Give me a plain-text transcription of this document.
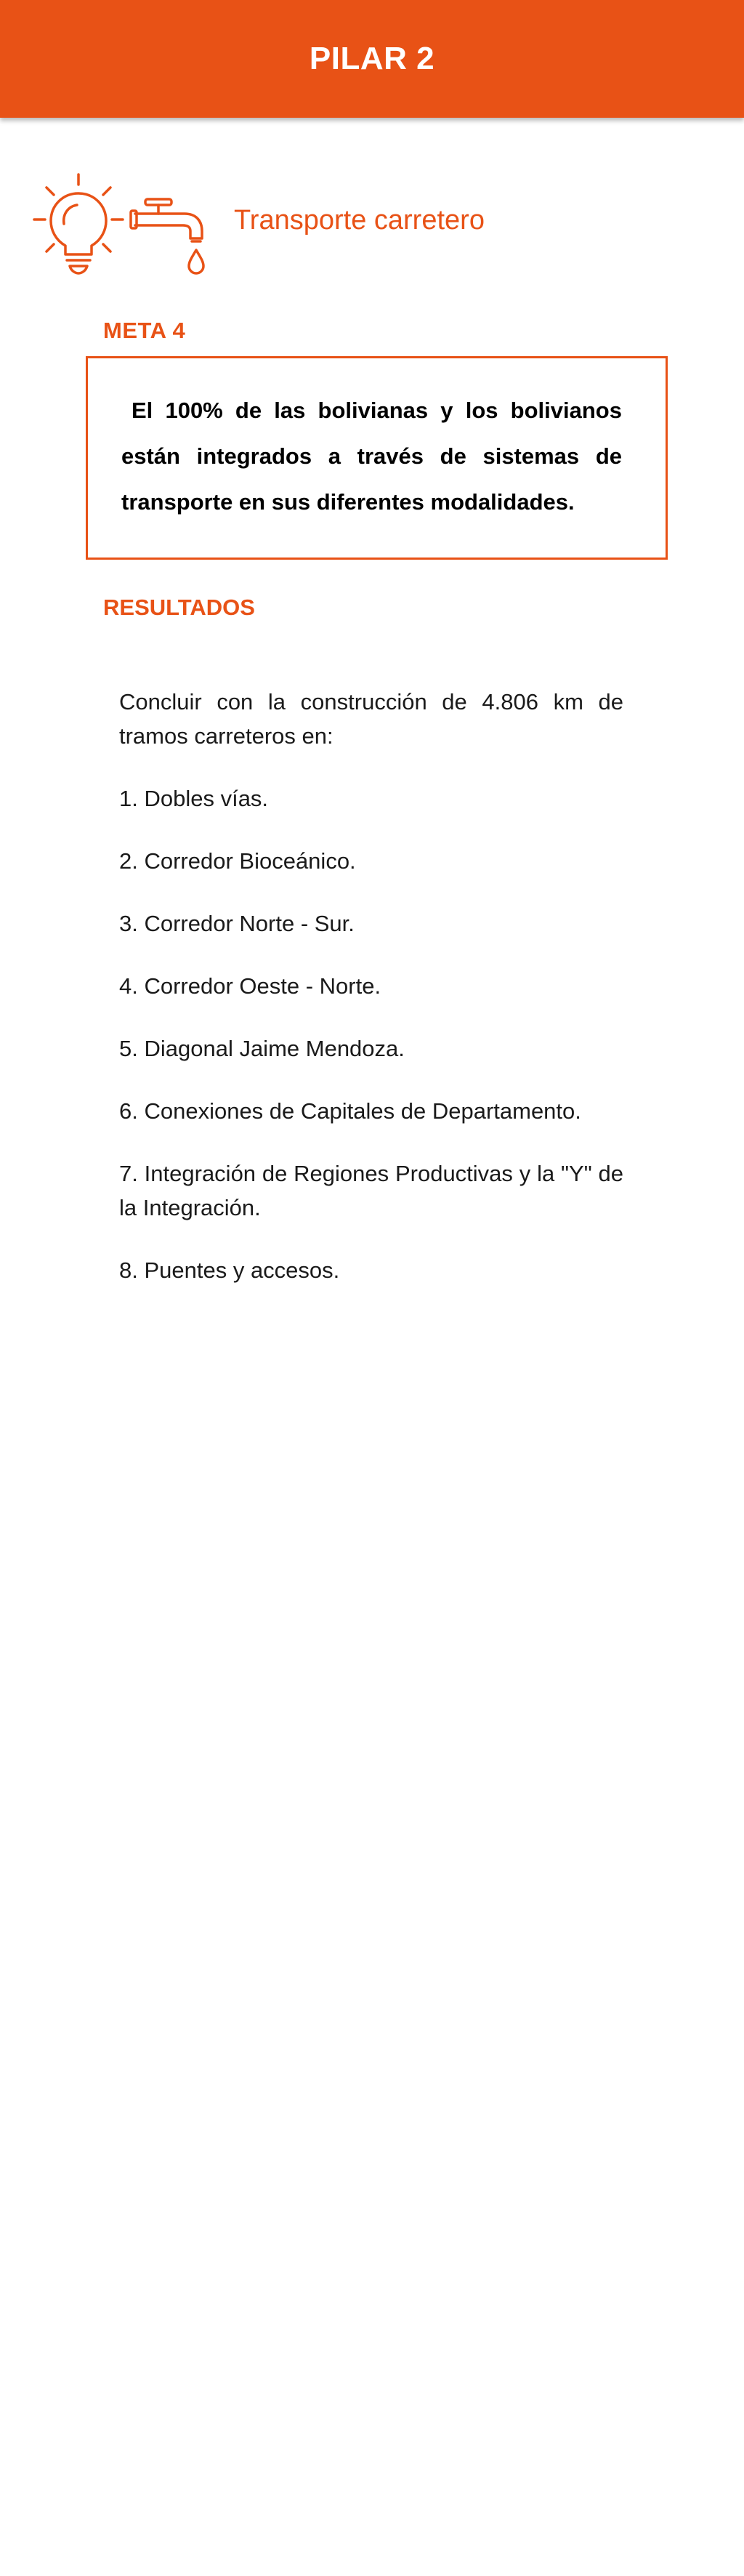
PILAR 2
Transporte carretero
META 4

El 100% de las bolivianas y los bolivianos están integrados a través de sistemas de transporte en sus diferentes modalidades.

RESULTADOS

Concluir con la construcción de 4.806 km de tramos carreteros en:

1. Dobles vías.

2. Corredor Bioceánico.

3. Corredor Norte - Sur.

4. Corredor Oeste - Norte.

5. Diagonal Jaime Mendoza.

6. Conexiones de Capitales de Departamento.

7. Integración de Regiones Productivas y la "Y" de la Integración.

8. Puentes y accesos.
